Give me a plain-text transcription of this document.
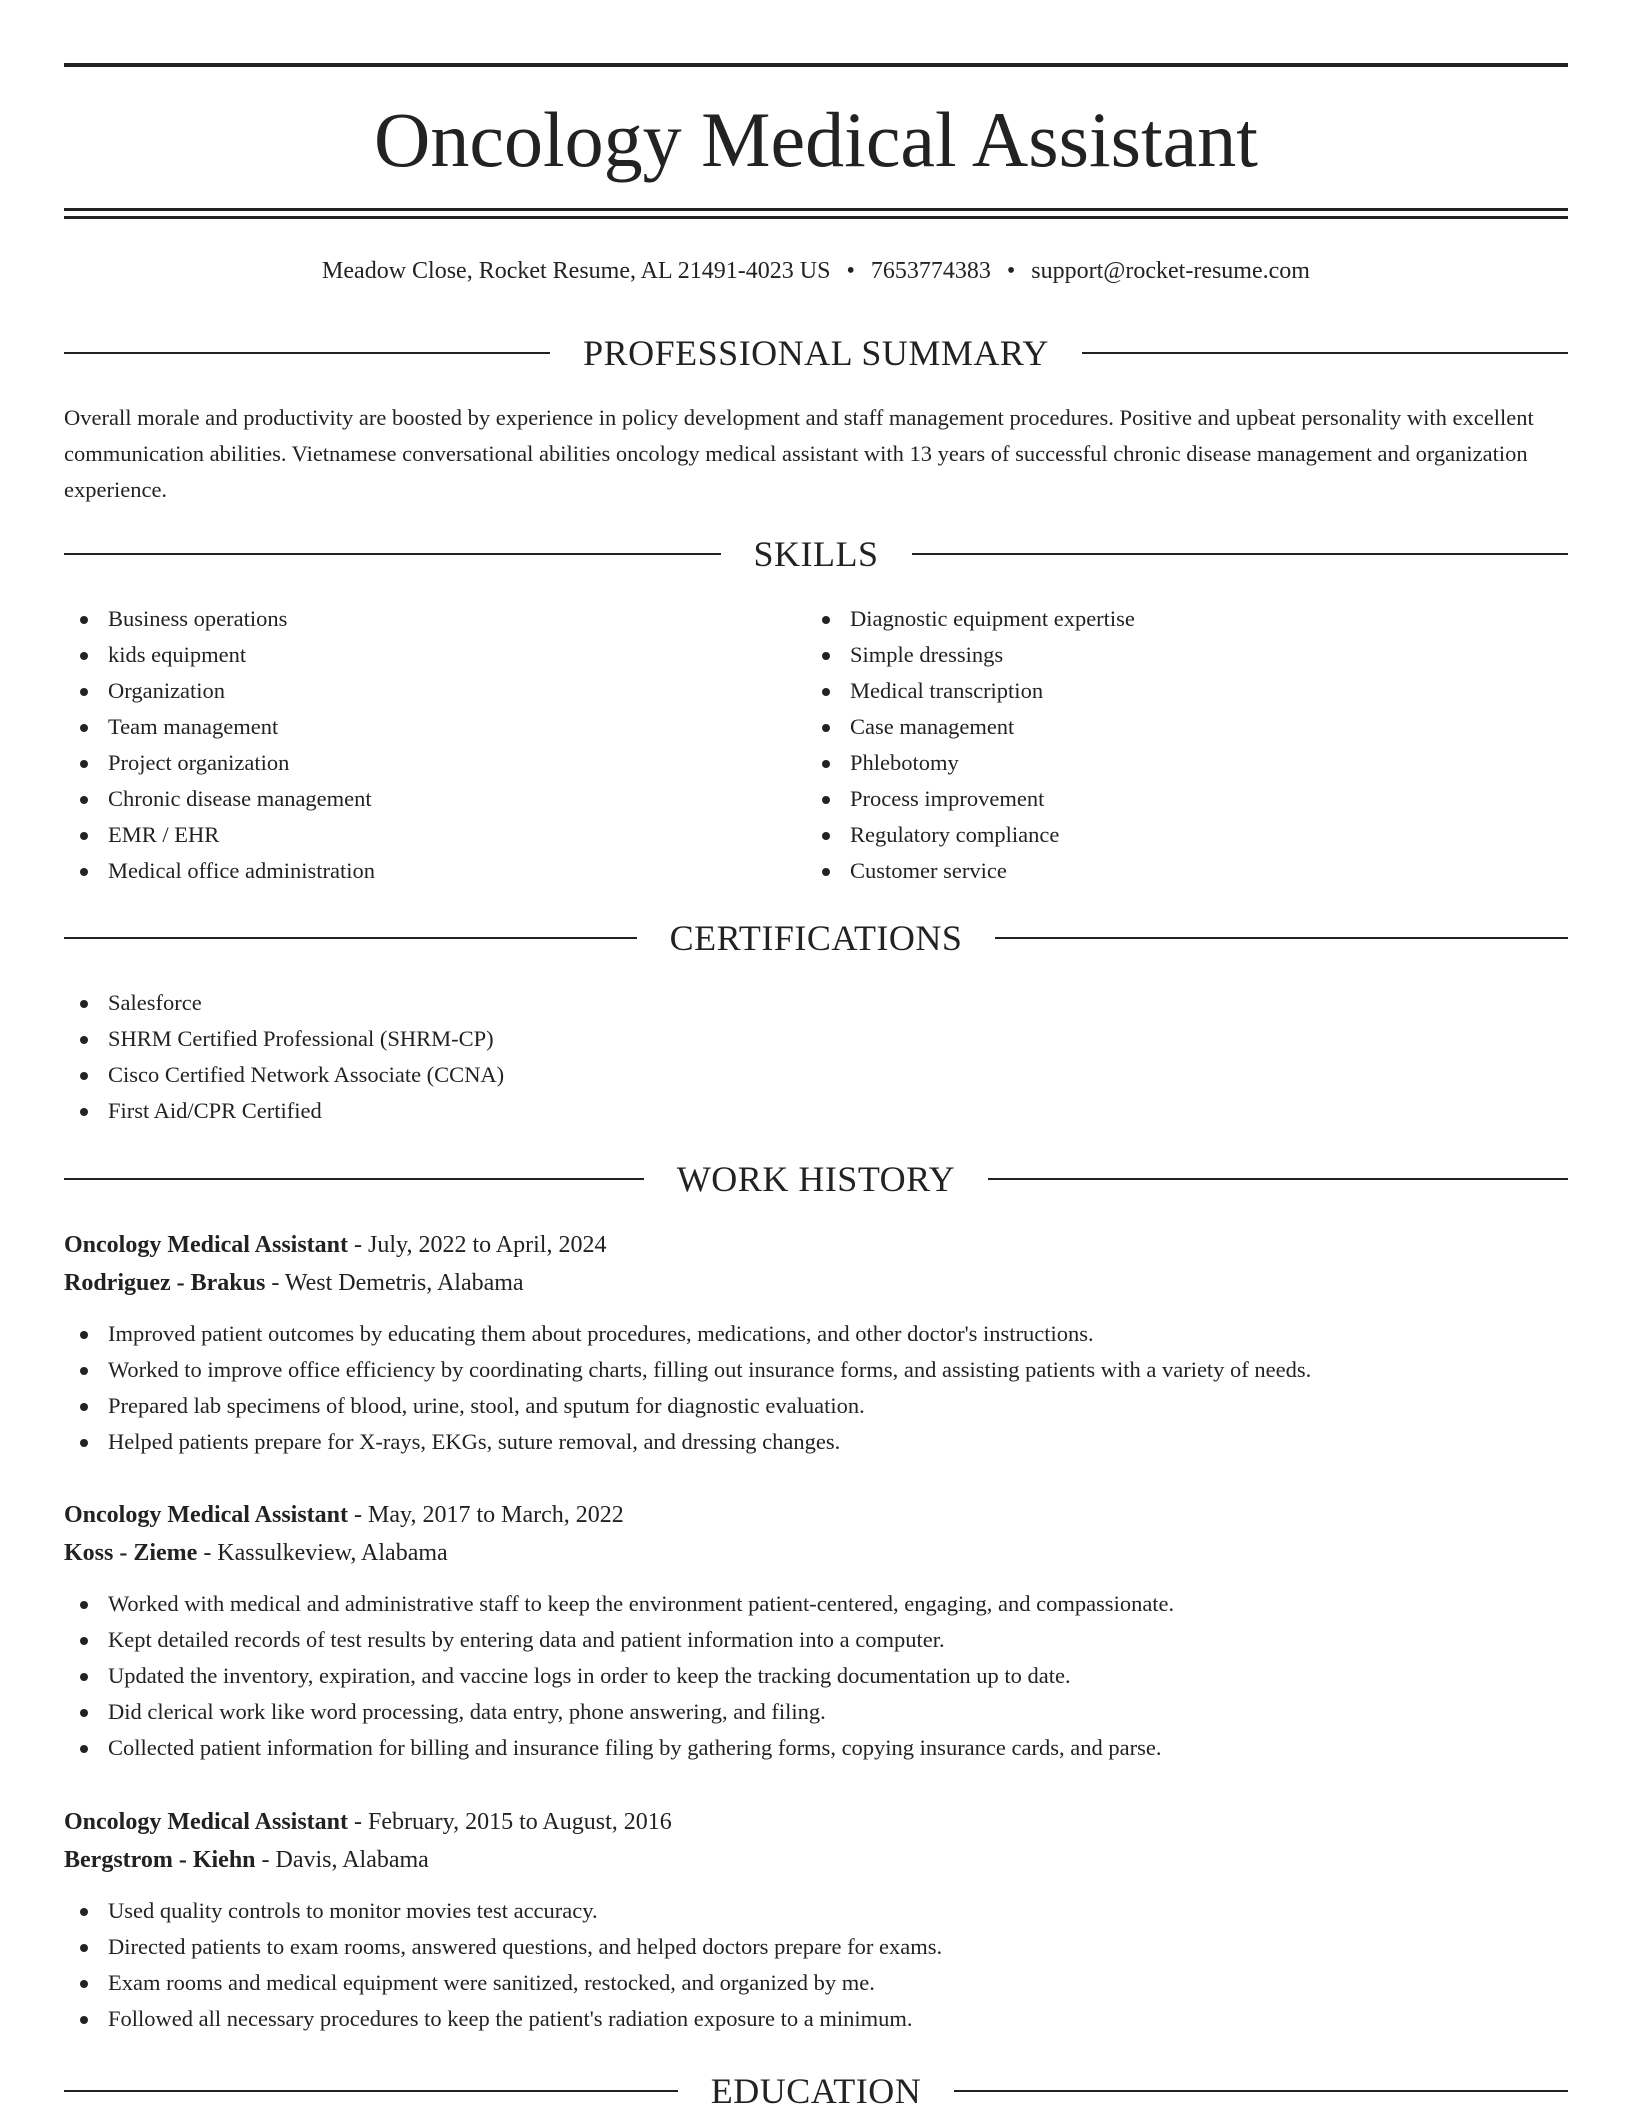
Oncology Medical Assistant
Meadow Close, Rocket Resume, AL 21491-4023 US • 7653774383 • support@rocket-resume.com
PROFESSIONAL SUMMARY

Overall morale and productivity are boosted by experience in policy development and staff management procedures. Positive and upbeat personality with excellent communication abilities. Vietnamese conversational abilities oncology medical assistant with 13 years of successful chronic disease management and organization experience.

SKILLS
Business operations
kids equipment
Organization
Team management
Project organization
Chronic disease management
EMR / EHR
Medical office administration
Diagnostic equipment expertise
Simple dressings
Medical transcription
Case management
Phlebotomy
Process improvement
Regulatory compliance
Customer service
CERTIFICATIONS
Salesforce
SHRM Certified Professional (SHRM-CP)
Cisco Certified Network Associate (CCNA)
First Aid/CPR Certified
WORK HISTORY
Oncology Medical Assistant - July, 2022 to April, 2024
Rodriguez - Brakus - West Demetris, Alabama
Improved patient outcomes by educating them about procedures, medications, and other doctor's instructions.
Worked to improve office efficiency by coordinating charts, filling out insurance forms, and assisting patients with a variety of needs.
Prepared lab specimens of blood, urine, stool, and sputum for diagnostic evaluation.
Helped patients prepare for X-rays, EKGs, suture removal, and dressing changes.
Oncology Medical Assistant - May, 2017 to March, 2022
Koss - Zieme - Kassulkeview, Alabama
Worked with medical and administrative staff to keep the environment patient-centered, engaging, and compassionate.
Kept detailed records of test results by entering data and patient information into a computer.
Updated the inventory, expiration, and vaccine logs in order to keep the tracking documentation up to date.
Did clerical work like word processing, data entry, phone answering, and filing.
Collected patient information for billing and insurance filing by gathering forms, copying insurance cards, and parse.
Oncology Medical Assistant - February, 2015 to August, 2016
Bergstrom - Kiehn - Davis, Alabama
Used quality controls to monitor movies test accuracy.
Directed patients to exam rooms, answered questions, and helped doctors prepare for exams.
Exam rooms and medical equipment were sanitized, restocked, and organized by me.
Followed all necessary procedures to keep the patient's radiation exposure to a minimum.
EDUCATION
